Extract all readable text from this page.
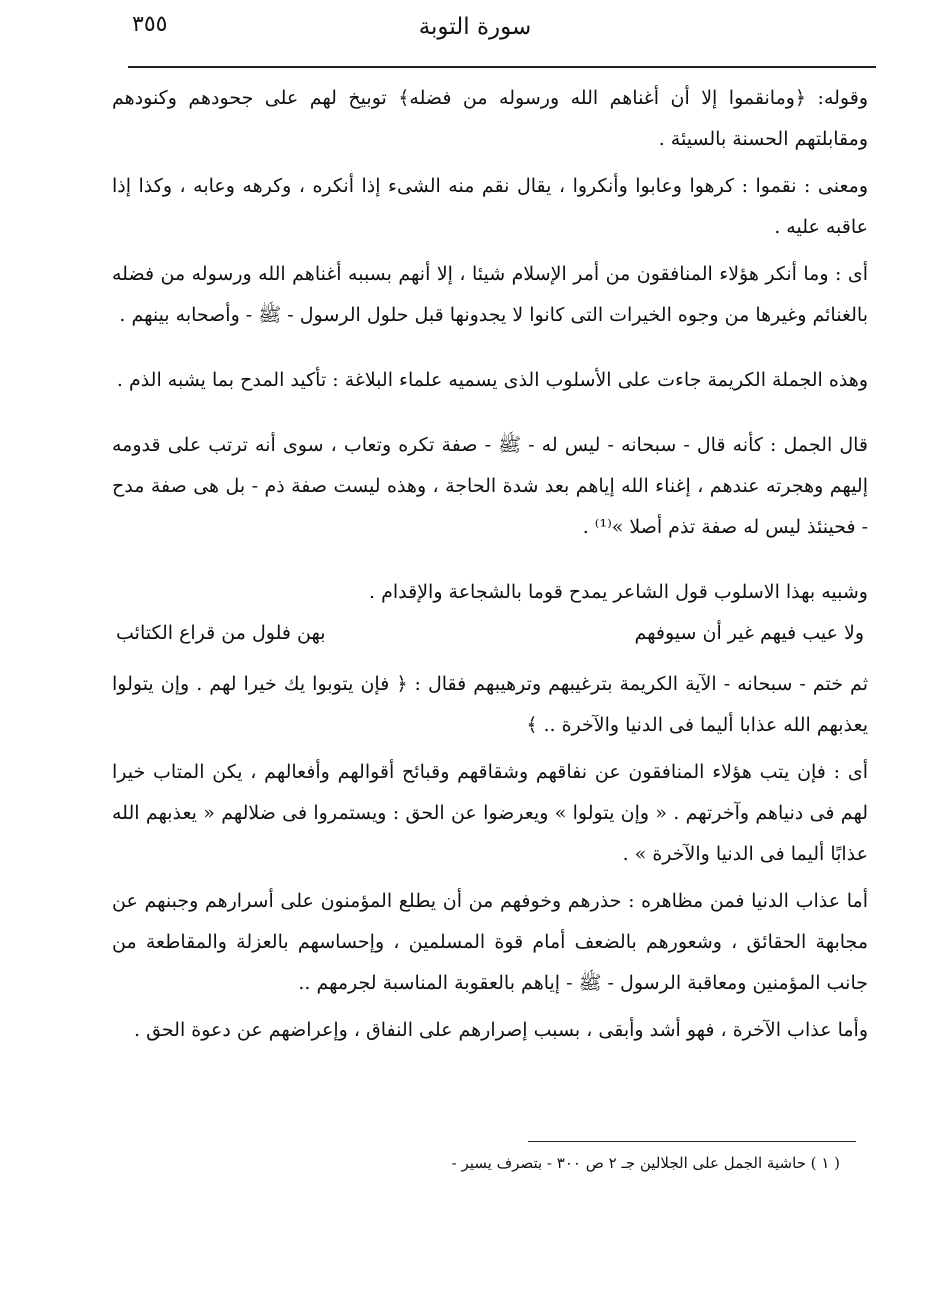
٣٥٥	سورة التوبة

وقوله: ﴿ومانقموا إلا أن أغناهم الله ورسوله من فضله﴾ توبيخ لهم على جحودهم وكنودهم ومقابلتهم الحسنة بالسيئة .

ومعنى : نقموا : كرهوا وعابوا وأنكروا ، يقال نقم منه الشىء إذا أنكره ، وكرهه وعابه ، وكذا إذا عاقبه عليه .

أى : وما أنكر هؤلاء المنافقون من أمر الإسلام شيئا ، إلا أنهم بسببه أغناهم الله ورسوله من فضله بالغنائم وغيرها من وجوه الخيرات التى كانوا لا يجدونها قبل حلول الرسول - ﷺ - وأصحابه بينهم .

وهذه الجملة الكريمة جاءت على الأسلوب الذى يسميه علماء البلاغة : تأكيد المدح بما يشبه الذم .

قال الجمل : كأنه قال - سبحانه - ليس له - ﷺ - صفة تكره وتعاب ، سوى أنه ترتب على قدومه إليهم وهجرته عندهم ، إغناء الله إياهم بعد شدة الحاجة ، وهذه ليست صفة ذم - بل هى صفة مدح - فحينئذ ليس له صفة تذم أصلا »⁽¹⁾ .

وشبيه بهذا الاسلوب قول الشاعر يمدح قوما بالشجاعة والإقدام .

ولا عيب فيهم غير أن سيوفهم
بهن فلول من قراع الكتائب

ثم ختم - سبحانه - الآية الكريمة بترغيبهم وترهيبهم فقال : ﴿ فإن يتوبوا يك خيرا لهم . وإن يتولوا يعذبهم الله عذابا أليما فى الدنيا والآخرة .. ﴾

أى : فإن يتب هؤلاء المنافقون عن نفاقهم وشقاقهم وقبائح أقوالهم وأفعالهم ، يكن المتاب خيرا لهم فى دنياهم وآخرتهم . « وإن يتولوا » ويعرضوا عن الحق : ويستمروا فى ضلالهم « يعذبهم الله عذابًا أليما فى الدنيا والآخرة » .

أما عذاب الدنيا فمن مظاهره : حذرهم وخوفهم من أن يطلع المؤمنون على أسرارهم وجبنهم عن مجابهة الحقائق ، وشعورهم بالضعف أمام قوة المسلمين ، وإحساسهم بالعزلة والمقاطعة من جانب المؤمنين ومعاقبة الرسول - ﷺ - إياهم بالعقوبة المناسبة لجرمهم ..

وأما عذاب الآخرة ، فهو أشد وأبقى ، بسبب إصرارهم على النفاق ، وإعراضهم عن دعوة الحق .

( ١ ) حاشية الجمل على الجلالين جـ ٢ ص ٣٠٠ - بتصرف يسير -
